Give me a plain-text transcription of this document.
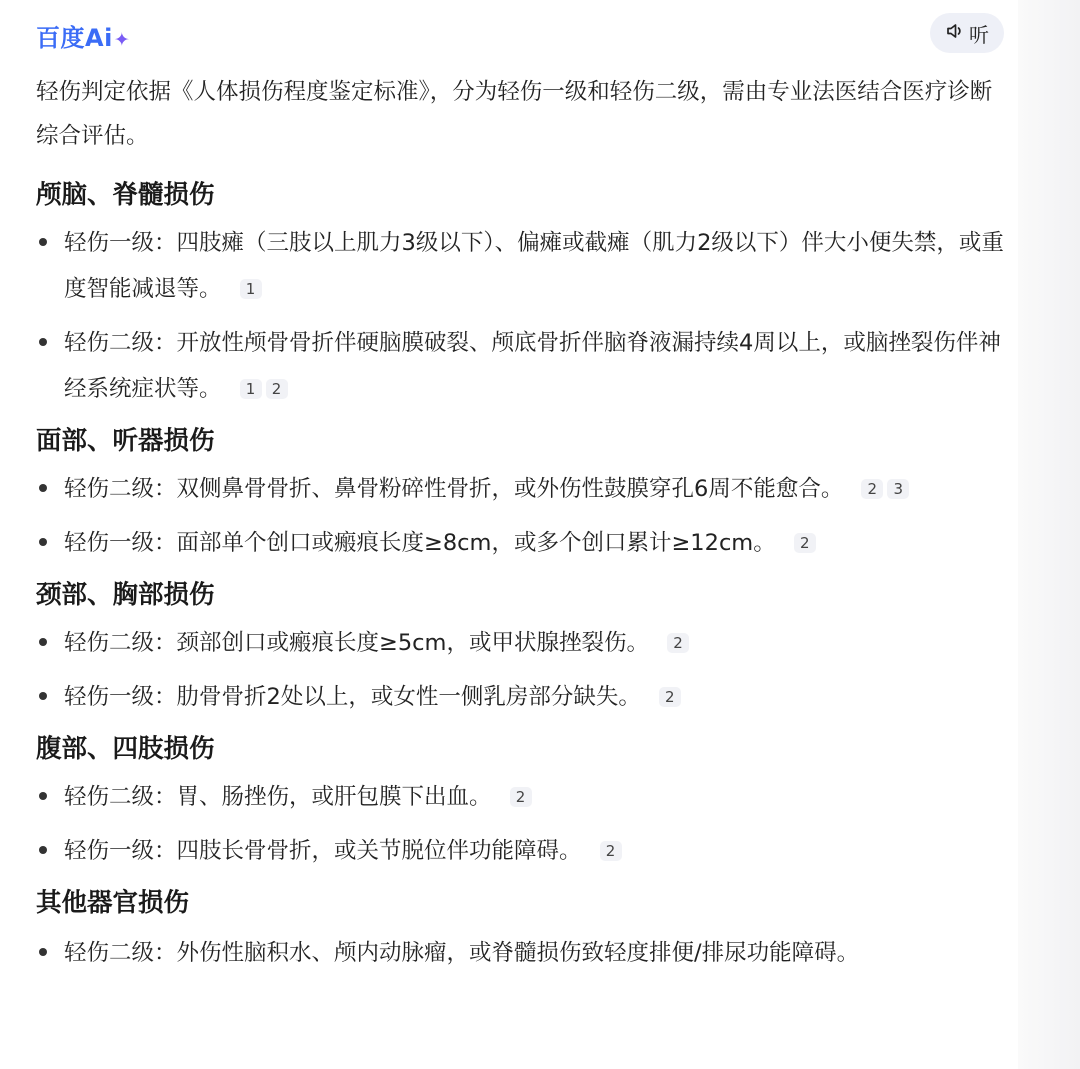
百度Ai✦	听

轻伤判定依据《人体损伤程度鉴定标准》，分为轻伤一级和轻伤二级，需由专业法医结合医疗诊断综合评估。

颅脑、脊髓损伤
轻伤一级：四肢瘫（三肢以上肌力3级以下）、偏瘫或截瘫（肌力2级以下）伴大小便失禁，或重度智能减退等。 1
轻伤二级：开放性颅骨骨折伴硬脑膜破裂、颅底骨折伴脑脊液漏持续4周以上，或脑挫裂伤伴神经系统症状等。 1 2
面部、听器损伤
轻伤二级：双侧鼻骨骨折、鼻骨粉碎性骨折，或外伤性鼓膜穿孔6周不能愈合。 2 3
轻伤一级：面部单个创口或瘢痕长度≥8cm，或多个创口累计≥12cm。 2
颈部、胸部损伤
轻伤二级：颈部创口或瘢痕长度≥5cm，或甲状腺挫裂伤。 2
轻伤一级：肋骨骨折2处以上，或女性一侧乳房部分缺失。 2
腹部、四肢损伤
轻伤二级：胃、肠挫伤，或肝包膜下出血。 2
轻伤一级：四肢长骨骨折，或关节脱位伴功能障碍。 2
其他器官损伤
轻伤二级：外伤性脑积水、颅内动脉瘤，或脊髓损伤致轻度排便/排尿功能障碍。
